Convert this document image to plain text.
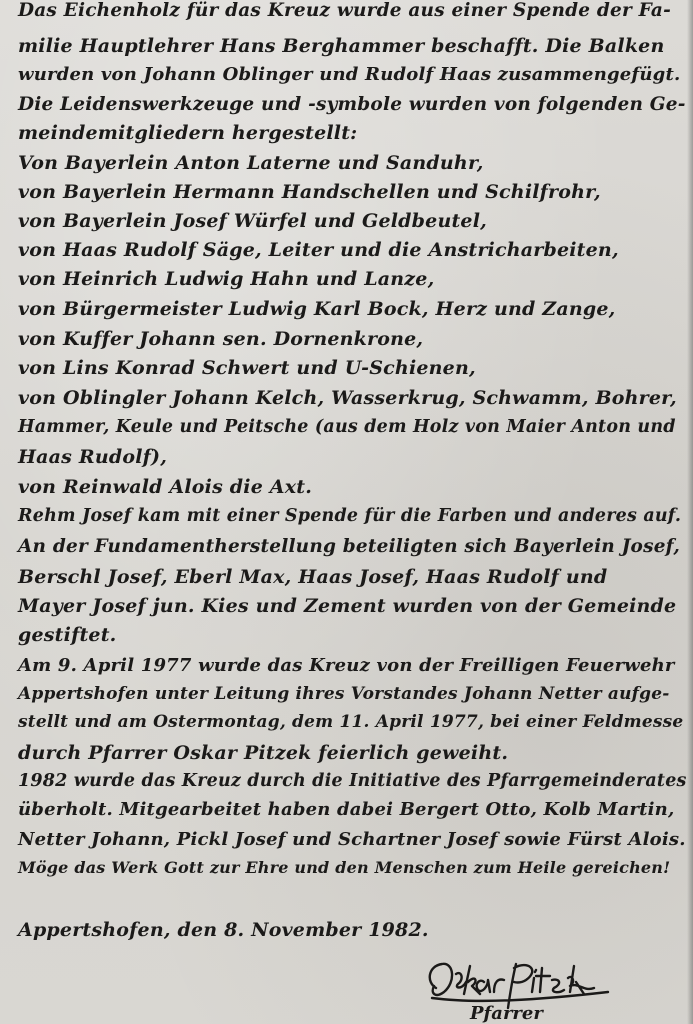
Das Eichenholz für das Kreuz wurde aus einer Spende der Fa-
milie Hauptlehrer Hans Berghammer beschafft. Die Balken
wurden von Johann Oblinger und Rudolf Haas zusammengefügt.
Die Leidenswerkzeuge und -symbole wurden von folgenden Ge-
meindemitgliedern hergestellt:
Von Bayerlein Anton Laterne und Sanduhr,
von Bayerlein Hermann Handschellen und Schilfrohr,
von Bayerlein Josef Würfel und Geldbeutel,
von Haas Rudolf Säge, Leiter und die Anstricharbeiten,
von Heinrich Ludwig Hahn und Lanze,
von Bürgermeister Ludwig Karl Bock, Herz und Zange,
von Kuffer Johann sen. Dornenkrone,
von Lins Konrad Schwert und U-Schienen,
von Oblingler Johann Kelch, Wasserkrug, Schwamm, Bohrer,
Hammer, Keule und Peitsche (aus dem Holz von Maier Anton und
Haas Rudolf),
von Reinwald Alois die Axt.
Rehm Josef kam mit einer Spende für die Farben und anderes auf.
An der Fundamentherstellung beteiligten sich Bayerlein Josef,
Berschl Josef, Eberl Max, Haas Josef, Haas Rudolf und
Mayer Josef jun. Kies und Zement wurden von der Gemeinde
gestiftet.
Am 9. April 1977 wurde das Kreuz von der Freilligen Feuerwehr
Appertshofen unter Leitung ihres Vorstandes Johann Netter aufge-
stellt und am Ostermontag, dem 11. April 1977, bei einer Feldmesse
durch Pfarrer Oskar Pitzek feierlich geweiht.
1982 wurde das Kreuz durch die Initiative des Pfarrgemeinderates
überholt. Mitgearbeitet haben dabei Bergert Otto, Kolb Martin,
Netter Johann, Pickl Josef und Schartner Josef sowie Fürst Alois.
Möge das Werk Gott zur Ehre und den Menschen zum Heile gereichen!
Appertshofen, den 8. November 1982.
Pfarrer
